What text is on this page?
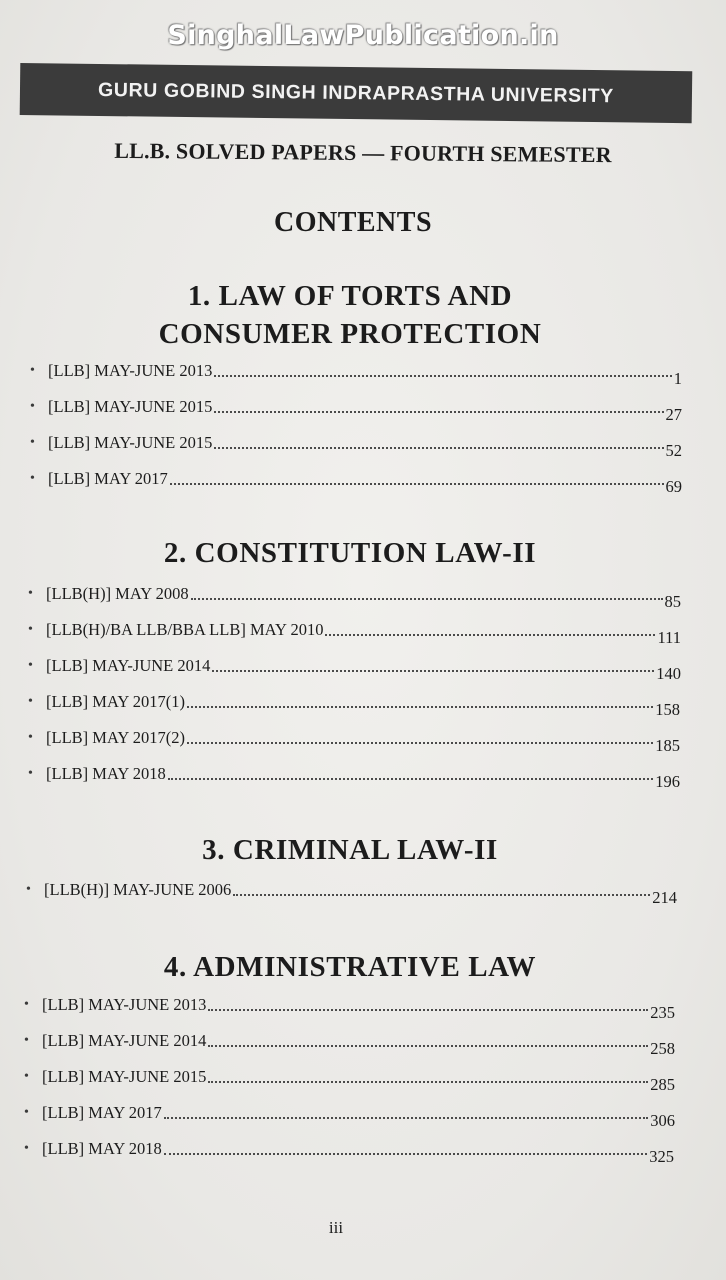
SinghalLawPublication.in
GURU GOBIND SINGH INDRAPRASTHA UNIVERSITY
LL.B. SOLVED PAPERS — FOURTH SEMESTER
CONTENTS
1. LAW OF TORTS AND
CONSUMER PROTECTION
• [LLB] MAY-JUNE 2013	1
• [LLB] MAY-JUNE 2015	27
• [LLB] MAY-JUNE 2015	52
• [LLB] MAY 2017	69
2. CONSTITUTION LAW-II
• [LLB(H)] MAY 2008	85
• [LLB(H)/BA LLB/BBA LLB] MAY 2010	111
• [LLB] MAY-JUNE 2014	140
• [LLB] MAY 2017(1)	158
• [LLB] MAY 2017(2)	185
• [LLB] MAY 2018	196
3. CRIMINAL LAW-II
• [LLB(H)] MAY-JUNE 2006	214
4. ADMINISTRATIVE LAW
• [LLB] MAY-JUNE 2013	235
• [LLB] MAY-JUNE 2014	258
• [LLB] MAY-JUNE 2015	285
• [LLB] MAY 2017	306
• [LLB] MAY 2018	325
iii
